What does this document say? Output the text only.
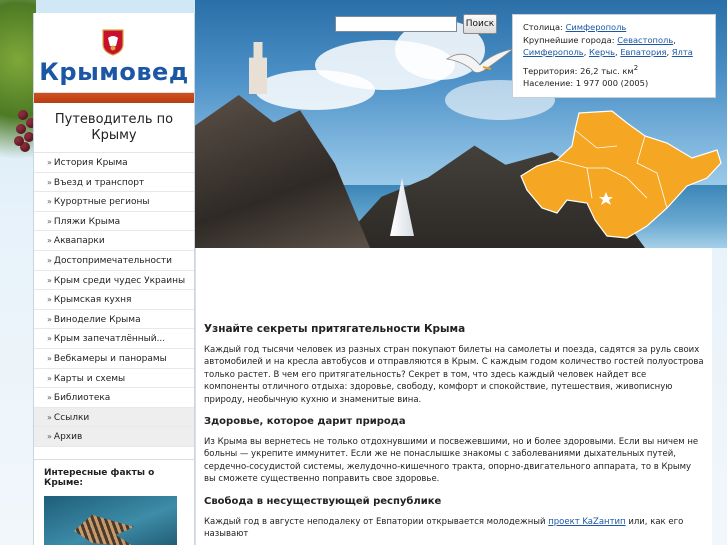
Крымовед
Путеводитель по Крыму
» История Крыма
» Въезд и транспорт
» Курортные регионы
» Пляжи Крыма
» Аквапарки
» Достопримечательности
» Крым среди чудес Украины
» Крымская кухня
» Виноделие Крыма
» Крым запечатлённый...
» Вебкамеры и панорамы
» Карты и схемы
» Библиотека
» Ссылки
» Архив
Интересные факты о Крыме:
Поиск	Столица: Симферополь
Крупнейшие города: Севастополь,
Симферополь, Керчь, Евпатория, Ялта
Территория: 26,2 тыс. $км^2$
Население: 1 977 000 (2005)
Узнайте секреты притягательности Крыма

Каждый год тысячи человек из разных стран покупают билеты на самолеты и поезда, садятся за руль своих автомобилей и на кресла автобусов и отправляются в Крым. С каждым годом количество гостей полуострова только растет. В чем его притягательность? Секрет в том, что здесь каждый человек найдет все компоненты отличного отдыха: здоровье, свободу, комфорт и спокойствие, путешествия, живописную природу, необычную кухню и знаменитые вина.

Здоровье, которое дарит природа

Из Крыма вы вернетесь не только отдохнувшими и посвежевшими, но и более здоровыми. Если вы ничем не больны — укрепите иммунитет. Если же не понаслышке знакомы с заболеваниями дыхательных путей, сердечно-сосудистой системы, желудочно-кишечного тракта, опорно-двигательного аппарата, то в Крыму вы сможете существенно поправить свое здоровье.

Свобода в несуществующей республике

Каждый год в августе неподалеку от Евпатории открывается молодежный проект KaZантип или, как его называют
